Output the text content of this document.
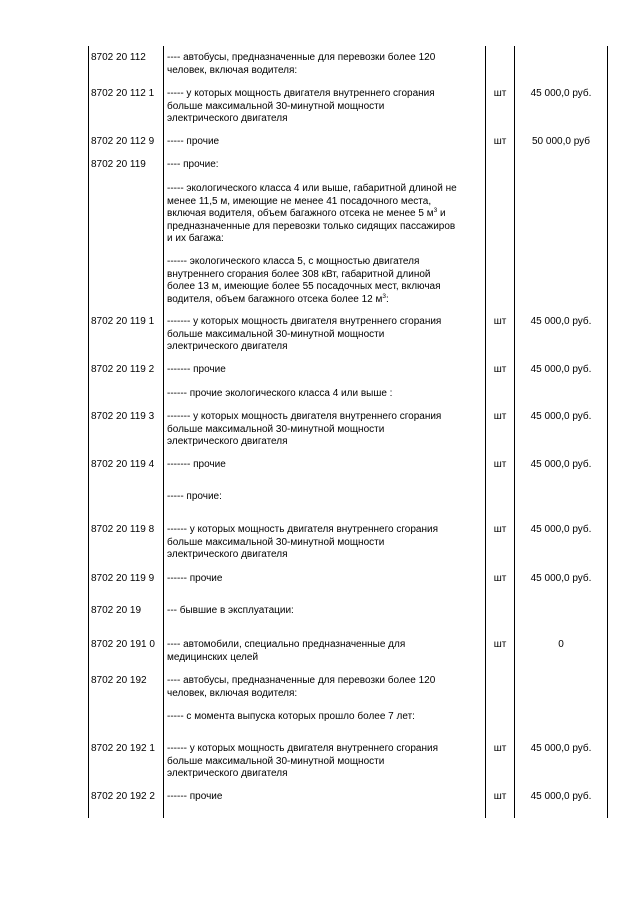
8702 20 112 ---- автобусы, предназначенные для перевозки более 120
человек, включая водителя:
8702 20 112 1 ----- у которых мощность двигателя внутреннего сгорания
больше максимальной 30-минутной мощности
электрического двигателя
шт	45 000,0 руб.
8702 20 112 9 ----- прочие	шт	50 000,0 руб
8702 20 119 ---- прочие:
----- экологического класса 4 или выше, габаритной длиной не
менее 11,5 м, имеющие не менее 41 посадочного места,
включая водителя, объем багажного отсека не менее 5 $м^3$ и
предназначенные для перевозки только сидящих пассажиров
и их багажа:
------ экологического класса 5, с мощностью двигателя
внутреннего сгорания более 308 кВт, габаритной длиной
более 13 м, имеющие более 55 посадочных мест, включая
водителя, объем багажного отсека более 12 $м^3$:
8702 20 119 1 ------- у которых мощность двигателя внутреннего сгорания
больше максимальной 30-минутной мощности
электрического двигателя
шт	45 000,0 руб.
8702 20 119 2 ------- прочие	шт	45 000,0 руб.
------ прочие экологического класса 4 или выше :
8702 20 119 3 ------- у которых мощность двигателя внутреннего сгорания
больше максимальной 30-минутной мощности
электрического двигателя
шт	45 000,0 руб.
8702 20 119 4 ------- прочие	шт	45 000,0 руб.
----- прочие:
8702 20 119 8 ------ у которых мощность двигателя внутреннего сгорания
больше максимальной 30-минутной мощности
электрического двигателя
шт	45 000,0 руб.
8702 20 119 9 ------ прочие	шт	45 000,0 руб.
8702 20 19	--- бывшие в эксплуатации:
8702 20 191 0 ---- автомобили, специально предназначенные для
медицинских целей
шт	0
8702 20 192 ---- автобусы, предназначенные для перевозки более 120
человек, включая водителя:
----- с момента выпуска которых прошло более 7 лет:
8702 20 192 1 ------ у которых мощность двигателя внутреннего сгорания
больше максимальной 30-минутной мощности
электрического двигателя
шт	45 000,0 руб.
8702 20 192 2 ------ прочие	шт	45 000,0 руб.
